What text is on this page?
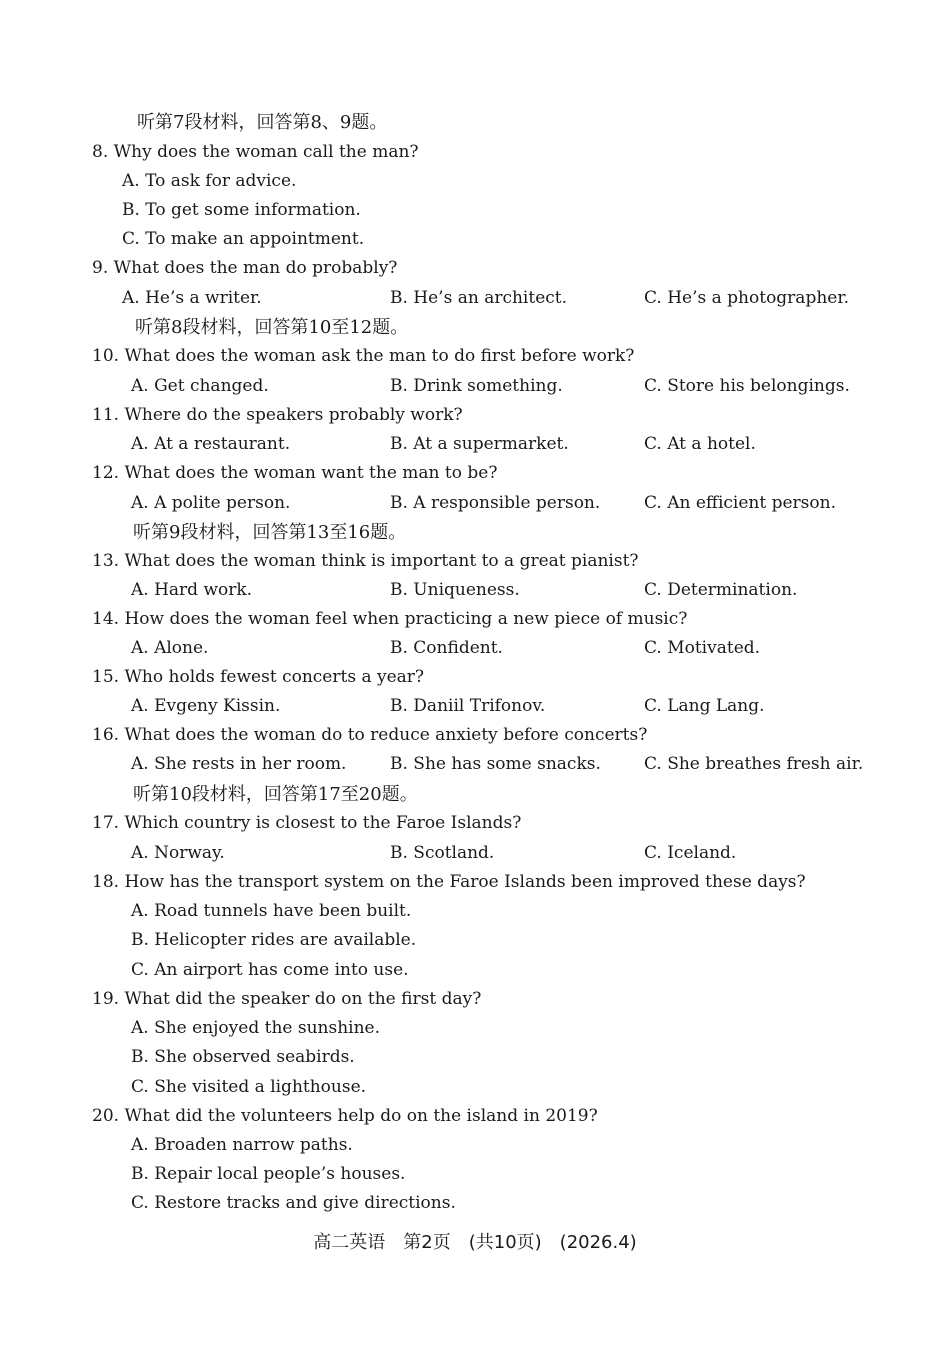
听第7段材料，回答第8、9题。
8. Why does the woman call the man?
A. To ask for advice.
B. To get some information.
C. To make an appointment.
9. What does the man do probably?
A. He’s a writer.	B. He’s an architect.	C. He’s a photographer.
听第8段材料，回答第10至12题。
10. What does the woman ask the man to do first before work?
A. Get changed.	B. Drink something.	C. Store his belongings.
11. Where do the speakers probably work?
A. At a restaurant.	B. At a supermarket.	C. At a hotel.
12. What does the woman want the man to be?
A. A polite person.	B. A responsible person.	C. An efficient person.
听第9段材料，回答第13至16题。
13. What does the woman think is important to a great pianist?
A. Hard work.	B. Uniqueness.	C. Determination.
14. How does the woman feel when practicing a new piece of music?
A. Alone.	B. Confident.	C. Motivated.
15. Who holds fewest concerts a year?
A. Evgeny Kissin.	B. Daniil Trifonov.	C. Lang Lang.
16. What does the woman do to reduce anxiety before concerts?
A. She rests in her room.	B. She has some snacks.	C. She breathes fresh air.
听第10段材料，回答第17至20题。
17. Which country is closest to the Faroe Islands?
A. Norway.	B. Scotland.	C. Iceland.
18. How has the transport system on the Faroe Islands been improved these days?
A. Road tunnels have been built.
B. Helicopter rides are available.
C. An airport has come into use.
19. What did the speaker do on the first day?
A. She enjoyed the sunshine.
B. She observed seabirds.
C. She visited a lighthouse.
20. What did the volunteers help do on the island in 2019?
A. Broaden narrow paths.
B. Repair local people’s houses.
C. Restore tracks and give directions.
高二英语　第2页　(共10页)　(2026.4)
